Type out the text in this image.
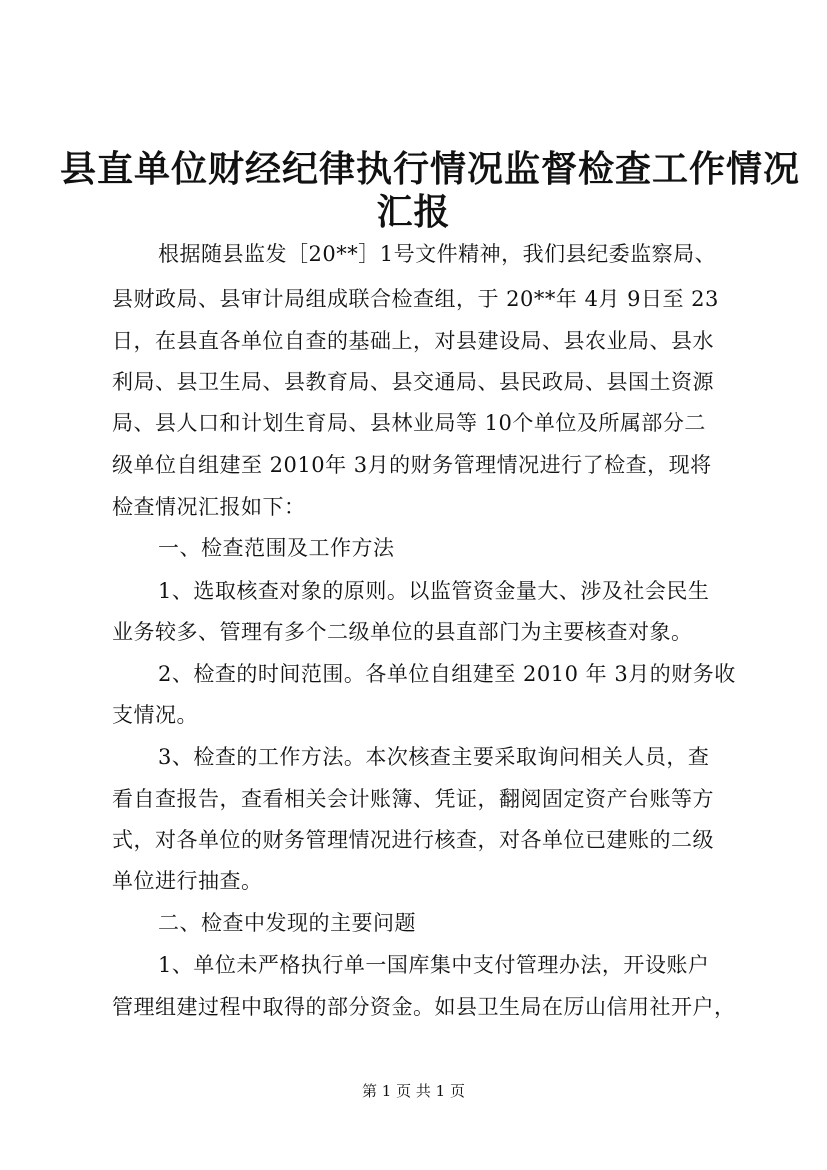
县直单位财经纪律执行情况监督检查工作情况
汇报
根据随县监发［20**］1号文件精神，我们县纪委监察局、
县财政局、县审计局组成联合检查组，于 20**年 4月 9日至 23
日，在县直各单位自查的基础上，对县建设局、县农业局、县水
利局、县卫生局、县教育局、县交通局、县民政局、县国土资源
局、县人口和计划生育局、县林业局等 10个单位及所属部分二
级单位自组建至 2010年 3月的财务管理情况进行了检查，现将
检查情况汇报如下：
一、检查范围及工作方法
1、选取核查对象的原则。以监管资金量大、涉及社会民生
业务较多、管理有多个二级单位的县直部门为主要核查对象。
2、检查的时间范围。各单位自组建至 2010 年 3月的财务收
支情况。
3、检查的工作方法。本次核查主要采取询问相关人员，查
看自查报告，查看相关会计账簿、凭证，翻阅固定资产台账等方
式，对各单位的财务管理情况进行核查，对各单位已建账的二级
单位进行抽查。
二、检查中发现的主要问题
1、单位未严格执行单一国库集中支付管理办法，开设账户
管理组建过程中取得的部分资金。如县卫生局在厉山信用社开户，
第 1 页 共 1 页
